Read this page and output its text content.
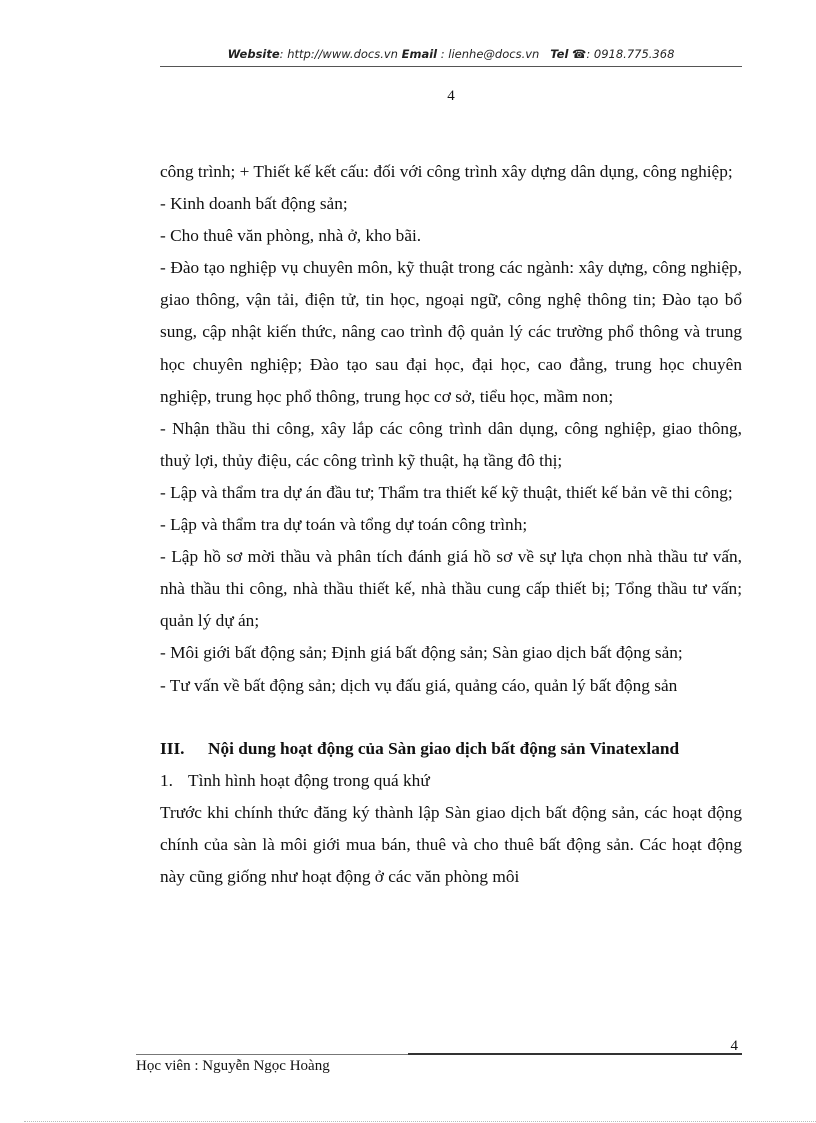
Website: http://www.docs.vn Email : lienhe@docs.vn Tel ☎: 0918.775.368
4

công trình; + Thiết kế kết cấu: đối với công trình xây dựng dân dụng, công nghiệp;

- Kinh doanh bất động sản;

- Cho thuê văn phòng, nhà ở, kho bãi.

- Đào tạo nghiệp vụ chuyên môn, kỹ thuật trong các ngành: xây dựng, công nghiệp, giao thông, vận tải, điện tử, tin học, ngoại ngữ, công nghệ thông tin; Đào tạo bổ sung, cập nhật kiến thức, nâng cao trình độ quản lý các trường phổ thông và trung học chuyên nghiệp; Đào tạo sau đại học, đại học, cao đẳng, trung học chuyên nghiệp, trung học phổ thông, trung học cơ sở, tiểu học, mầm non;

- Nhận thầu thi công, xây lắp các công trình dân dụng, công nghiệp, giao thông, thuỷ lợi, thủy điệu, các công trình kỹ thuật, hạ tầng đô thị;

- Lập và thẩm tra dự án đầu tư; Thẩm tra thiết kế kỹ thuật, thiết kế bản vẽ thi công;

- Lập và thẩm tra dự toán và tổng dự toán công trình;

- Lập hồ sơ mời thầu và phân tích đánh giá hồ sơ về sự lựa chọn nhà thầu tư vấn, nhà thầu thi công, nhà thầu thiết kế, nhà thầu cung cấp thiết bị; Tổng thầu tư vấn; quản lý dự án;

- Môi giới bất động sản; Định giá bất động sản; Sàn giao dịch bất động sản;

- Tư vấn về bất động sản; dịch vụ đấu giá, quảng cáo, quản lý bất động sản

III.	Nội dung hoạt động của Sàn giao dịch bất động sản Vinatexland

1. Tình hình hoạt động trong quá khứ

Trước khi chính thức đăng ký thành lập Sàn giao dịch bất động sản, các hoạt động chính của sàn là môi giới mua bán, thuê và cho thuê bất động sản. Các hoạt động này cũng giống như hoạt động ở các văn phòng môi

4
Học viên : Nguyễn Ngọc Hoàng
